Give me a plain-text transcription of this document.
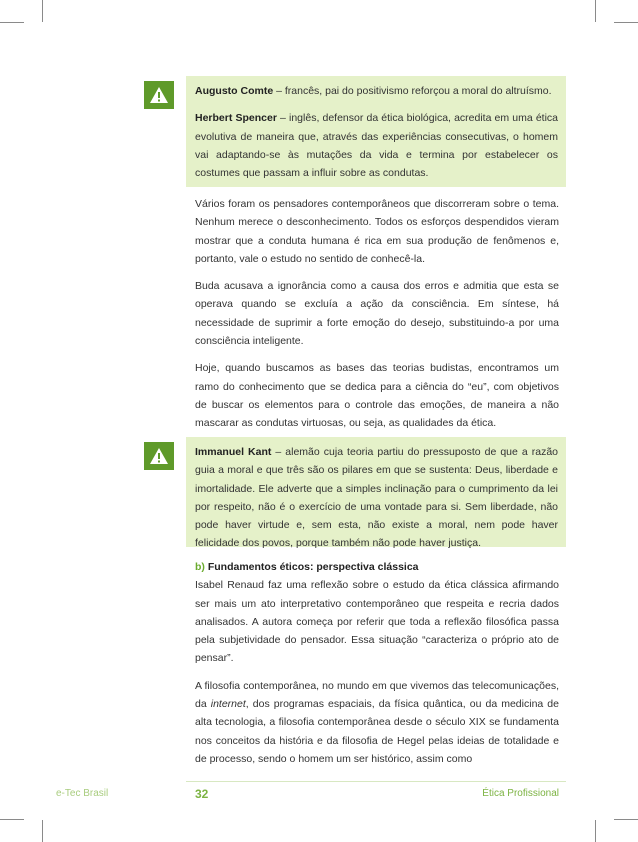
Augusto Comte – francês, pai do positivismo reforçou a moral do altruísmo.

Herbert Spencer – inglês, defensor da ética biológica, acredita em uma ética evolutiva de maneira que, através das experiências consecutivas, o homem vai adaptando-se às mutações da vida e termina por estabelecer os costumes que passam a influir sobre as condutas.

Vários foram os pensadores contemporâneos que discorreram sobre o tema. Nenhum merece o desconhecimento. Todos os esforços despendidos vieram mostrar que a conduta humana é rica em sua produção de fenômenos e, portanto, vale o estudo no sentido de conhecê-la.

Buda acusava a ignorância como a causa dos erros e admitia que esta se operava quando se excluía a ação da consciência. Em síntese, há necessidade de suprimir a forte emoção do desejo, substituindo-a por uma consciência inteligente.

Hoje, quando buscamos as bases das teorias budistas, encontramos um ramo do conhecimento que se dedica para a ciência do “eu”, com objetivos de buscar os elementos para o controle das emoções, de maneira a não mascarar as condutas virtuosas, ou seja, as qualidades da ética.

Immanuel Kant – alemão cuja teoria partiu do pressuposto de que a razão guia a moral e que três são os pilares em que se sustenta: Deus, liberdade e imortalidade. Ele adverte que a simples inclinação para o cumprimento da lei por respeito, não é o exercício de uma vontade para si. Sem liberdade, não pode haver virtude e, sem esta, não existe a moral, nem pode haver felicidade dos povos, porque também não pode haver justiça.

b) Fundamentos éticos: perspectiva clássica
Isabel Renaud faz uma reflexão sobre o estudo da ética clássica afirmando ser mais um ato interpretativo contemporâneo que respeita e recria dados analisados. A autora começa por referir que toda a reflexão filosófica passa pela subjetividade do pensador. Essa situação “caracteriza o próprio ato de pensar”.

A filosofia contemporânea, no mundo em que vivemos das telecomunicações, da internet, dos programas espaciais, da física quântica, ou da medicina de alta tecnologia, a filosofia contemporânea desde o século XIX se fundamenta nos conceitos da história e da filosofia de Hegel pelas ideias de totalidade e de processo, sendo o homem um ser histórico, assim como

e-Tec Brasil	32	Ética Profissional
